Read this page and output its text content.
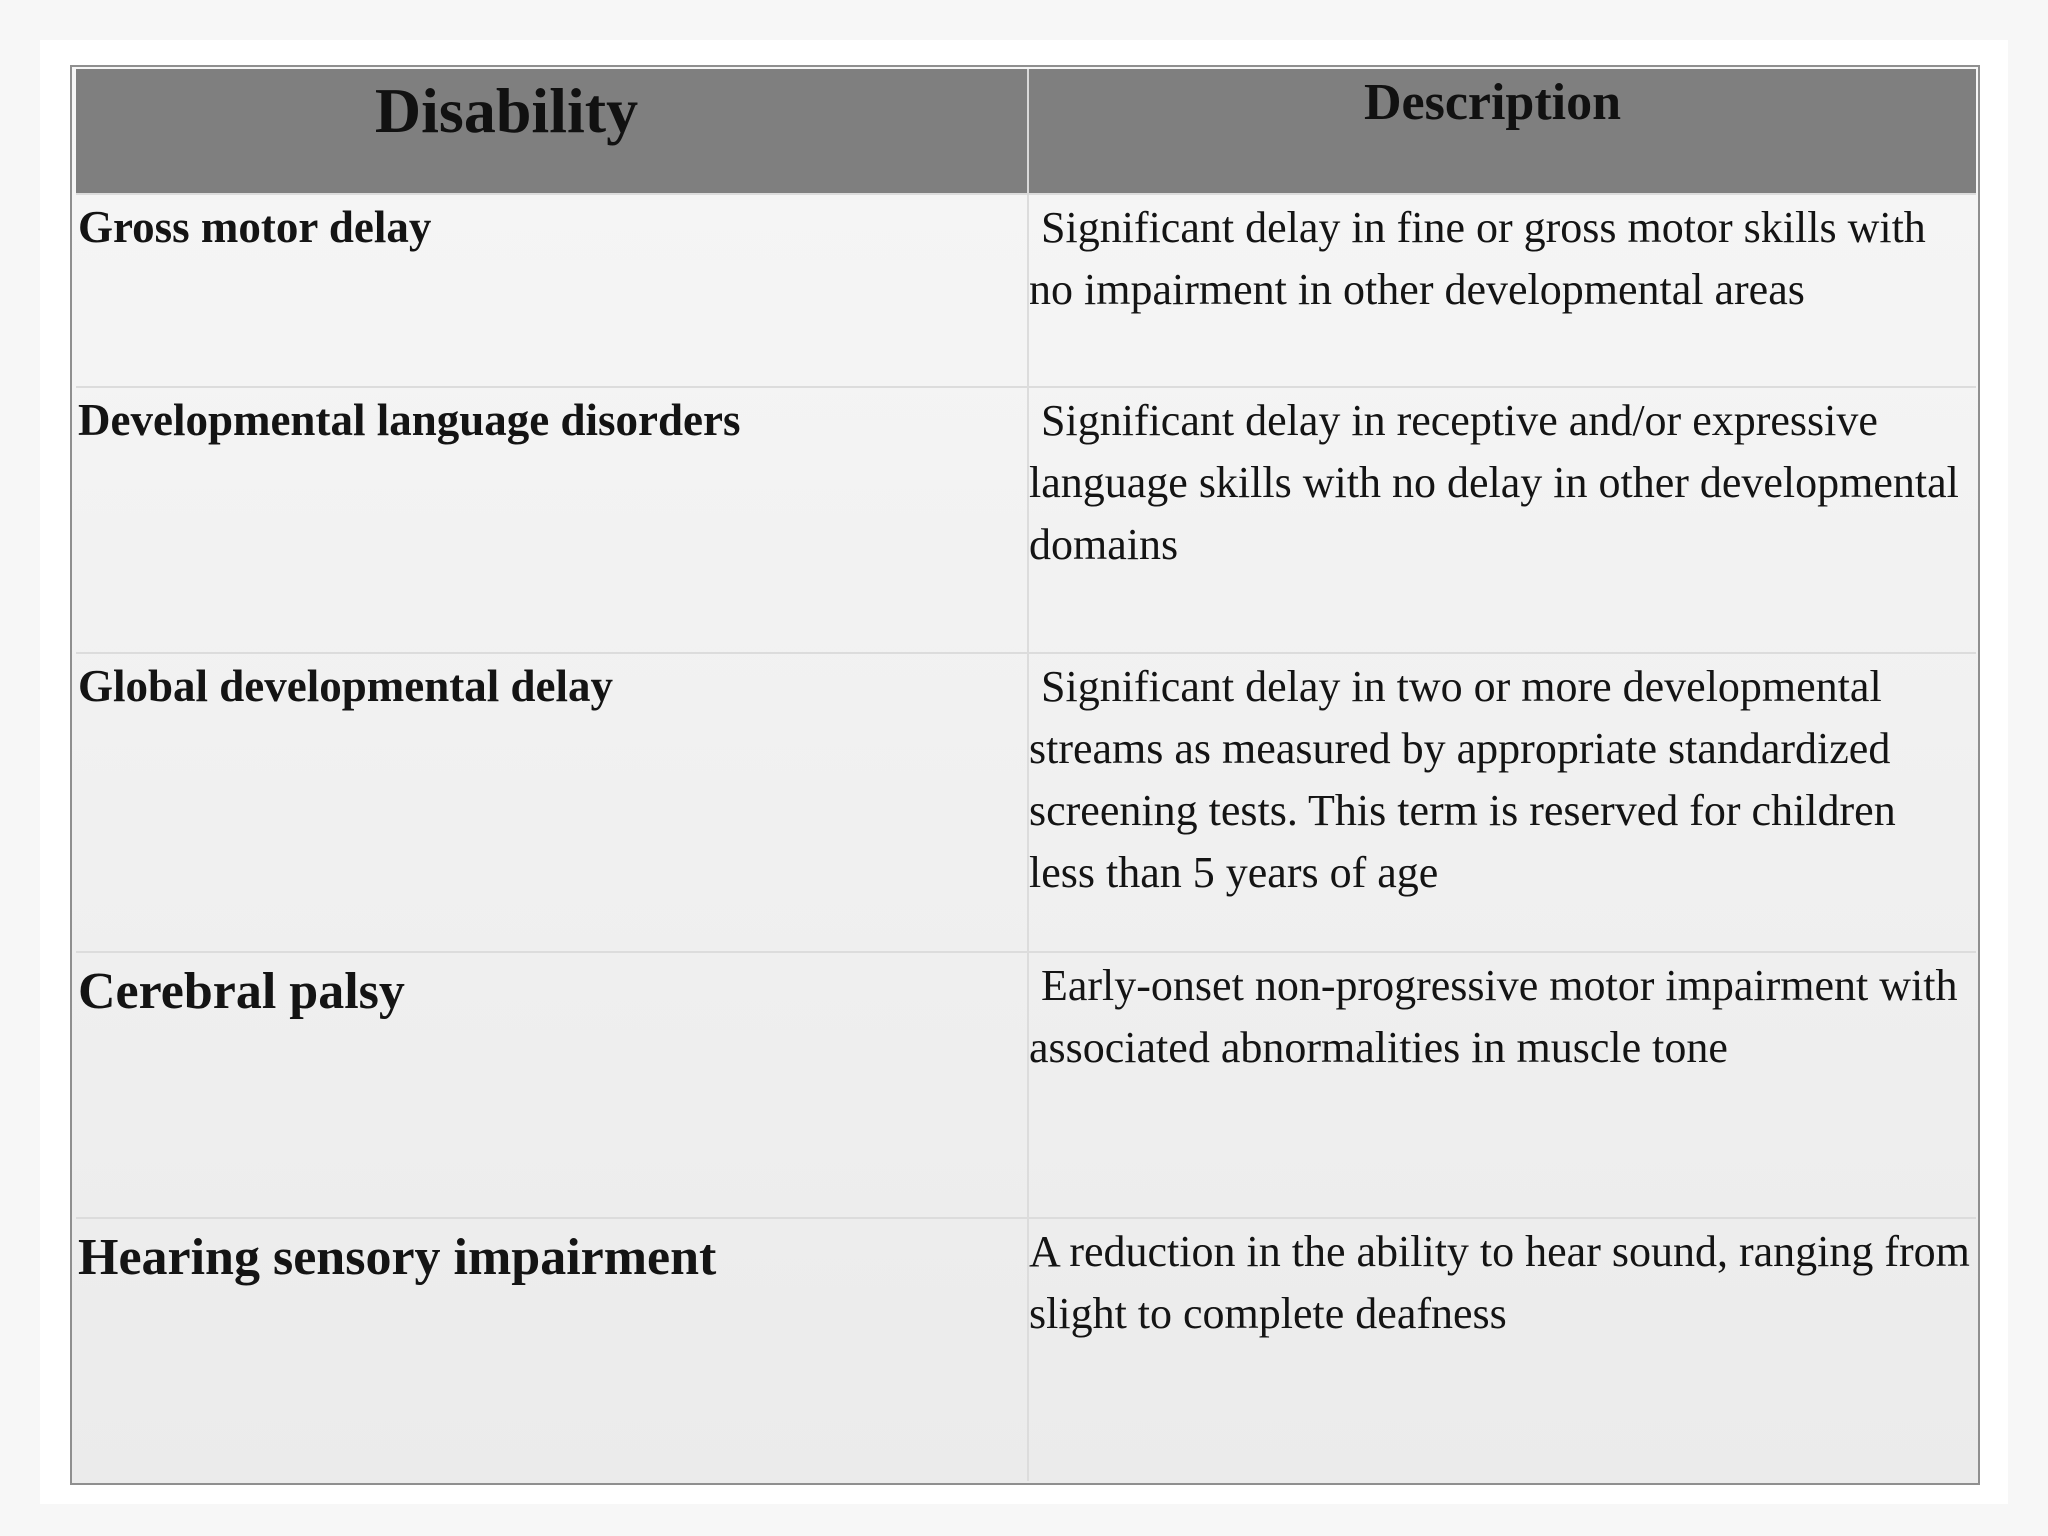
Disability	Description

Gross motor delay	Significant delay in fine or gross motor skills with no impairment in other developmental areas

Developmental language disorders	Significant delay in receptive and/or expressive language skills with no delay in other developmental domains

Global developmental delay	Significant delay in two or more developmental streams as measured by appropriate standardized screening tests. This term is reserved for children less than 5 years of age

Cerebral palsy	Early-onset non-progressive motor impairment with associated abnormalities in muscle tone

Hearing sensory impairment	A reduction in the ability to hear sound, ranging from slight to complete deafness
